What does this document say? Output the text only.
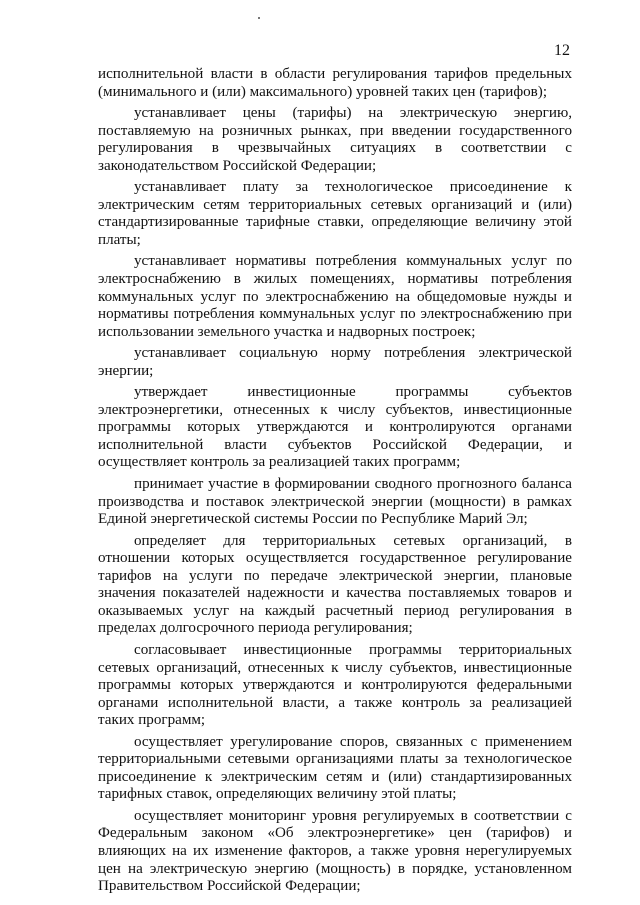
12

исполнительной власти в области регулирования тарифов предельных (минимального и (или) максимального) уровней таких цен (тарифов);

устанавливает цены (тарифы) на электрическую энергию, поставляемую на розничных рынках, при введении государственного регулирования в чрезвычайных ситуациях в соответствии с законодательством Российской Федерации;

устанавливает плату за технологическое присоединение к электрическим сетям территориальных сетевых организаций и (или) стандартизированные тарифные ставки, определяющие величину этой платы;

устанавливает нормативы потребления коммунальных услуг по электроснабжению в жилых помещениях, нормативы потребления коммунальных услуг по электроснабжению на общедомовые нужды и нормативы потребления коммунальных услуг по электроснабжению при использовании земельного участка и надворных построек;

устанавливает социальную норму потребления электрической энергии;

утверждает инвестиционные программы субъектов электроэнергетики, отнесенных к числу субъектов, инвестиционные программы которых утверждаются и контролируются органами исполнительной власти субъектов Российской Федерации, и осуществляет контроль за реализацией таких программ;

принимает участие в формировании сводного прогнозного баланса производства и поставок электрической энергии (мощности) в рамках Единой энергетической системы России по Республике Марий Эл;

определяет для территориальных сетевых организаций, в отношении которых осуществляется государственное регулирование тарифов на услуги по передаче электрической энергии, плановые значения показателей надежности и качества поставляемых товаров и оказываемых услуг на каждый расчетный период регулирования в пределах долгосрочного периода регулирования;

согласовывает инвестиционные программы территориальных сетевых организаций, отнесенных к числу субъектов, инвестиционные программы которых утверждаются и контролируются федеральными органами исполнительной власти, а также контроль за реализацией таких программ;

осуществляет урегулирование споров, связанных с применением территориальными сетевыми организациями платы за технологическое присоединение к электрическим сетям и (или) стандартизированных тарифных ставок, определяющих величину этой платы;

осуществляет мониторинг уровня регулируемых в соответствии с Федеральным законом «Об электроэнергетике» цен (тарифов) и влияющих на их изменение факторов, а также уровня нерегулируемых цен на электрическую энергию (мощность) в порядке, установленном Правительством Российской Федерации;
